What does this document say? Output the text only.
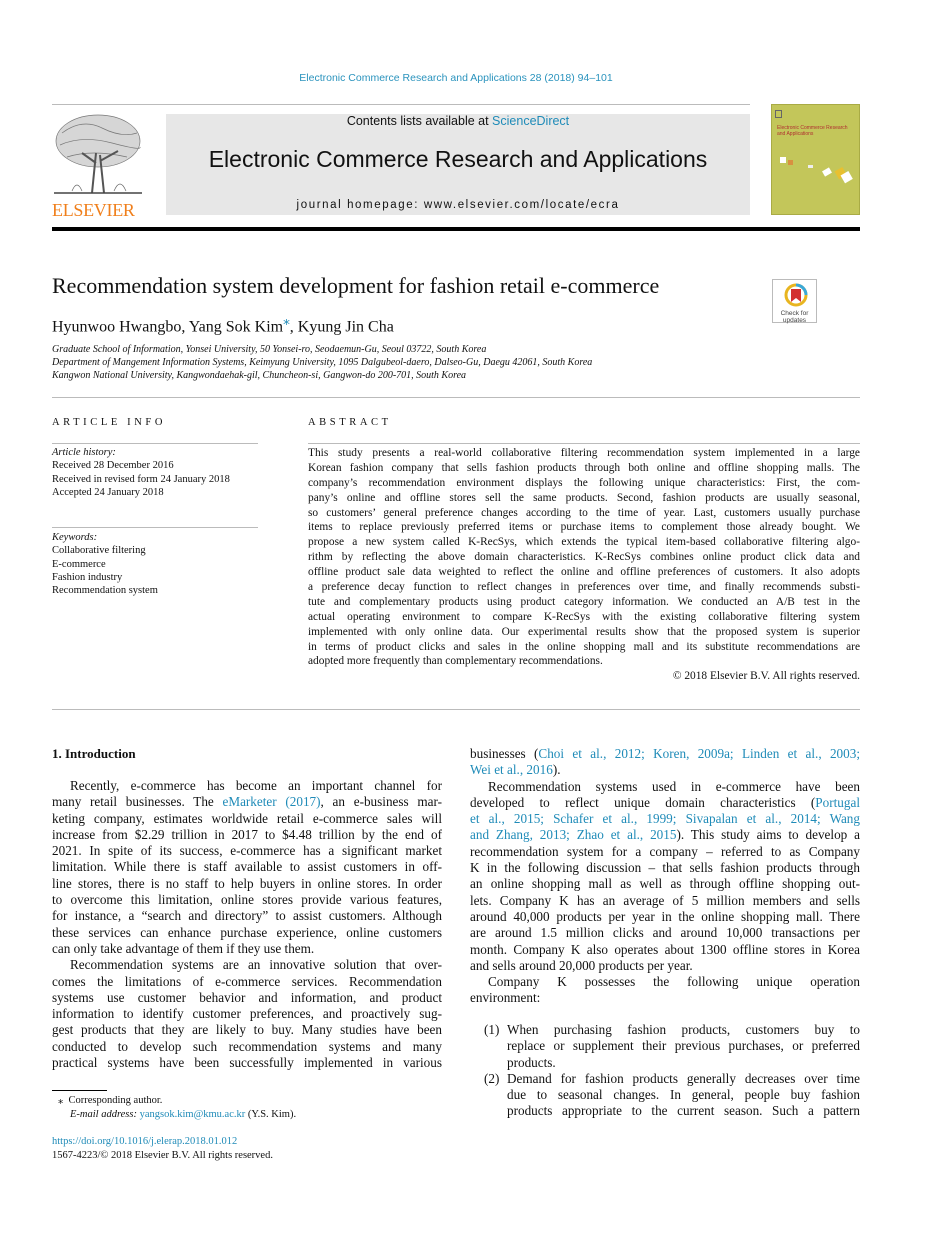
Electronic Commerce Research and Applications 28 (2018) 94–101
ELSEVIER
Contents lists available at ScienceDirect
Electronic Commerce Research and Applications
journal homepage: www.elsevier.com/locate/ecra
Electronic Commerce Research and Applications
Recommendation system development for fashion retail e-commerce
Check for updates
Hyunwoo Hwangbo, Yang Sok Kim⁎, Kyung Jin Cha
Graduate School of Information, Yonsei University, 50 Yonsei-ro, Seodaemun-Gu, Seoul 03722, South Korea
Department of Mangement Information Systems, Keimyung University, 1095 Dalgubeol-daero, Dalseo-Gu, Daegu 42061, South Korea
Kangwon National University, Kangwondaehak-gil, Chuncheon-si, Gangwon-do 200-701, South Korea
ARTICLE INFO	ABSTRACT
Article history:
Received 28 December 2016
Received in revised form 24 January 2018
Accepted 24 January 2018
Keywords:
Collaborative filtering
E-commerce
Fashion industry
Recommendation system
This study presents a real-world collaborative filtering recommendation system implemented in a large
Korean fashion company that sells fashion products through both online and offline shopping malls. The
company’s recommendation environment displays the following unique characteristics: First, the com-
pany’s online and offline stores sell the same products. Second, fashion products are usually seasonal,
so customers’ general preference changes according to the time of year. Last, customers usually purchase
items to replace previously preferred items or purchase items to complement those already bought. We
propose a new system called K-RecSys, which extends the typical item-based collaborative filtering algo-
rithm by reflecting the above domain characteristics. K-RecSys combines online product click data and
offline product sale data weighted to reflect the online and offline preferences of customers. It also adopts
a preference decay function to reflect changes in preferences over time, and finally recommends substi-
tute and complementary products using product category information. We conducted an A/B test in the
actual operating environment to compare K-RecSys with the existing collaborative filtering system
implemented with only online data. Our experimental results show that the proposed system is superior
in terms of product clicks and sales in the online shopping mall and its substitute recommendations are
adopted more frequently than complementary recommendations.
© 2018 Elsevier B.V. All rights reserved.
1. Introduction
Recently, e-commerce has become an important channel for
many retail businesses. The eMarketer (2017), an e-business mar-
keting company, estimates worldwide retail e-commerce sales will
increase from $2.29 trillion in 2017 to $4.48 trillion by the end of
2021. In spite of its success, e-commerce has a significant market
limitation. While there is staff available to assist customers in off-
line stores, there is no staff to help buyers in online stores. In order
to overcome this limitation, online stores provide various features,
for instance, a “search and directory” to assist customers. Although
these services can enhance purchase experience, online customers
can only take advantage of them if they use them.
Recommendation systems are an innovative solution that over-
comes the limitations of e-commerce services. Recommendation
systems use customer behavior and information, and product
information to identify customer preferences, and proactively sug-
gest products that they are likely to buy. Many studies have been
conducted to develop such recommendation systems and many
practical systems have been successfully implemented in various
businesses (Choi et al., 2012; Koren, 2009a; Linden et al., 2003;
Wei et al., 2016).
Recommendation systems used in e-commerce have been
developed to reflect unique domain characteristics (Portugal
et al., 2015; Schafer et al., 1999; Sivapalan et al., 2014; Wang
and Zhang, 2013; Zhao et al., 2015). This study aims to develop a
recommendation system for a company – referred to as Company
K in the following discussion – that sells fashion products through
an online shopping mall as well as through offline shopping out-
lets. Company K has an average of 5 million members and sells
around 40,000 products per year in the online shopping mall. There
are around 1.5 million clicks and around 10,000 transactions per
month. Company K also operates about 1300 offline stores in Korea
and sells around 20,000 products per year.
Company K possesses the following unique operation
environment:
(1) When purchasing fashion products, customers buy to
replace or supplement their previous purchases, or preferred
products.
(2) Demand for fashion products generally decreases over time
due to seasonal changes. In general, people buy fashion
products appropriate to the current season. Such a pattern
⁎ Corresponding author.
E-mail address: yangsok.kim@kmu.ac.kr (Y.S. Kim).
https://doi.org/10.1016/j.elerap.2018.01.012
1567-4223/© 2018 Elsevier B.V. All rights reserved.
